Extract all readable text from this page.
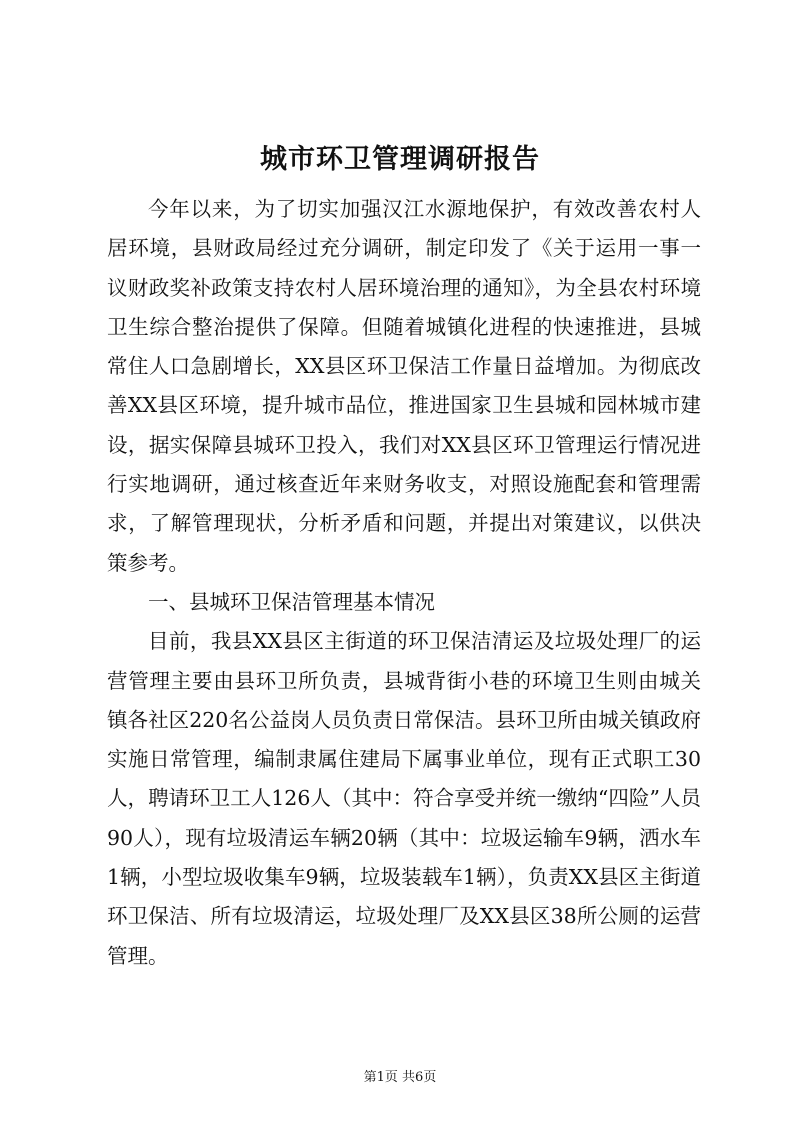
城市环卫管理调研报告

今年以来，为了切实加强汉江水源地保护，有效改善农村人居环境，县财政局经过充分调研，制定印发了《关于运用一事一议财政奖补政策支持农村人居环境治理的通知》，为全县农村环境卫生综合整治提供了保障。但随着城镇化进程的快速推进，县城常住人口急剧增长，XX县区环卫保洁工作量日益增加。为彻底改善XX县区环境，提升城市品位，推进国家卫生县城和园林城市建设，据实保障县城环卫投入，我们对XX县区环卫管理运行情况进行实地调研，通过核查近年来财务收支，对照设施配套和管理需求，了解管理现状，分析矛盾和问题，并提出对策建议，以供决策参考。

一、县城环卫保洁管理基本情况

目前，我县XX县区主街道的环卫保洁清运及垃圾处理厂的运营管理主要由县环卫所负责，县城背街小巷的环境卫生则由城关镇各社区220名公益岗人员负责日常保洁。县环卫所由城关镇政府实施日常管理，编制隶属住建局下属事业单位，现有正式职工30人，聘请环卫工人126人（其中：符合享受并统一缴纳“四险”人员90人），现有垃圾清运车辆20辆（其中：垃圾运输车9辆，洒水车1辆，小型垃圾收集车9辆，垃圾装载车1辆），负责XX县区主街道环卫保洁、所有垃圾清运，垃圾处理厂及XX县区38所公厕的运营管理。

第1页 共6页
